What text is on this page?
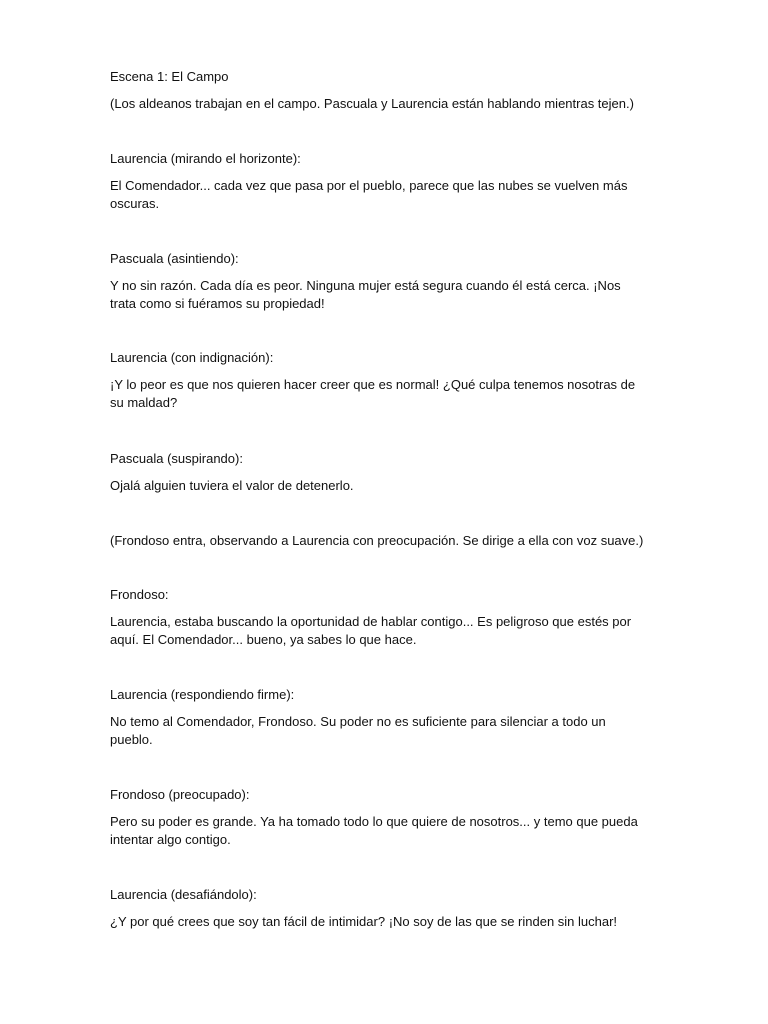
Escena 1: El Campo

(Los aldeanos trabajan en el campo. Pascuala y Laurencia están hablando mientras tejen.)

Laurencia (mirando el horizonte):

El Comendador... cada vez que pasa por el pueblo, parece que las nubes se vuelven más oscuras.

Pascuala (asintiendo):

Y no sin razón. Cada día es peor. Ninguna mujer está segura cuando él está cerca. ¡Nos trata como si fuéramos su propiedad!

Laurencia (con indignación):

¡Y lo peor es que nos quieren hacer creer que es normal! ¿Qué culpa tenemos nosotras de su maldad?

Pascuala (suspirando):

Ojalá alguien tuviera el valor de detenerlo.

(Frondoso entra, observando a Laurencia con preocupación. Se dirige a ella con voz suave.)

Frondoso:

Laurencia, estaba buscando la oportunidad de hablar contigo... Es peligroso que estés por aquí. El Comendador... bueno, ya sabes lo que hace.

Laurencia (respondiendo firme):

No temo al Comendador, Frondoso. Su poder no es suficiente para silenciar a todo un pueblo.

Frondoso (preocupado):

Pero su poder es grande. Ya ha tomado todo lo que quiere de nosotros... y temo que pueda intentar algo contigo.

Laurencia (desafiándolo):

¿Y por qué crees que soy tan fácil de intimidar? ¡No soy de las que se rinden sin luchar!
